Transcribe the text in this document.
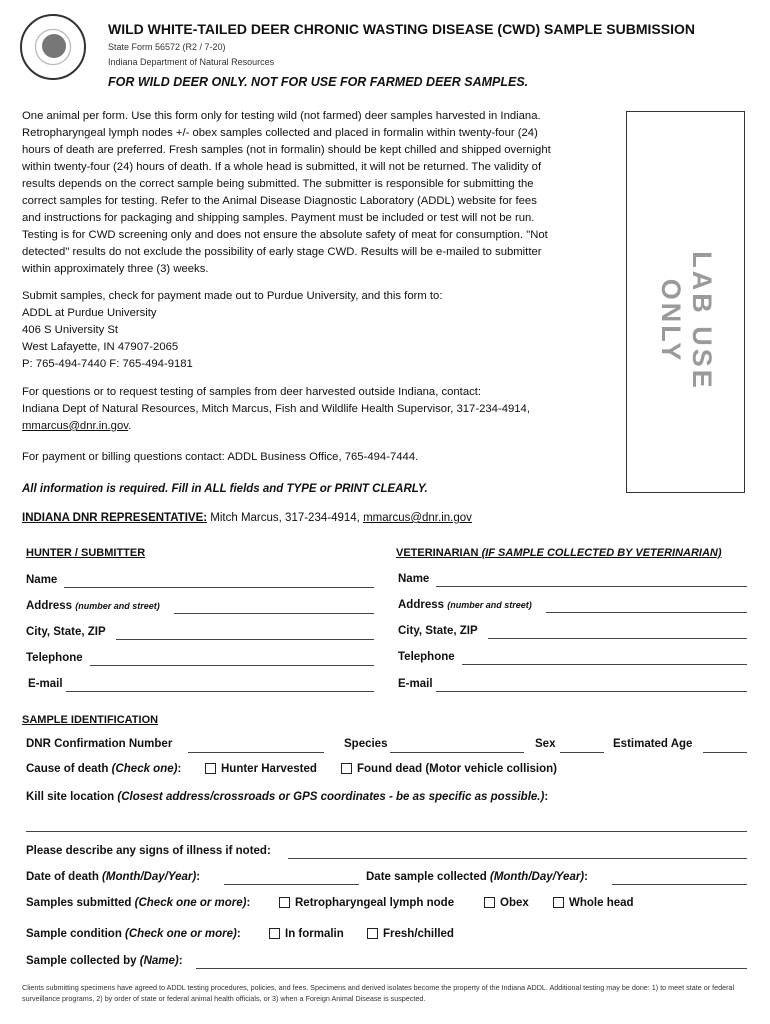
WILD WHITE-TAILED DEER CHRONIC WASTING DISEASE (CWD) SAMPLE SUBMISSION
State Form 56572 (R2 / 7-20)
Indiana Department of Natural Resources
FOR WILD DEER ONLY. NOT FOR USE FOR FARMED DEER SAMPLES.
LAB USE ONLY
One animal per form. Use this form only for testing wild (not farmed) deer samples harvested in Indiana.
Retropharyngeal lymph nodes +/- obex samples collected and placed in formalin within twenty-four (24)
hours of death are preferred. Fresh samples (not in formalin) should be kept chilled and shipped overnight
within twenty-four (24) hours of death. If a whole head is submitted, it will not be returned. The validity of
results depends on the correct sample being submitted. The submitter is responsible for submitting the
correct samples for testing. Refer to the Animal Disease Diagnostic Laboratory (ADDL) website for fees
and instructions for packaging and shipping samples. Payment must be included or test will not be run.
Testing is for CWD screening only and does not ensure the absolute safety of meat for consumption. "Not
detected" results do not exclude the possibility of early stage CWD. Results will be e-mailed to submitter
within approximately three (3) weeks.
Submit samples, check for payment made out to Purdue University, and this form to:
ADDL at Purdue University
406 S University St
West Lafayette, IN 47907-2065
P: 765-494-7440 F: 765-494-9181
For questions or to request testing of samples from deer harvested outside Indiana, contact:
Indiana Dept of Natural Resources, Mitch Marcus, Fish and Wildlife Health Supervisor, 317-234-4914,
mmarcus@dnr.in.gov.
For payment or billing questions contact: ADDL Business Office, 765-494-7444.
All information is required. Fill in ALL fields and TYPE or PRINT CLEARLY.
INDIANA DNR REPRESENTATIVE: Mitch Marcus, 317-234-4914, mmarcus@dnr.in.gov
HUNTER / SUBMITTER
Name
Address (number and street)
City, State, ZIP
Telephone
E-mail
VETERINARIAN (IF SAMPLE COLLECTED BY VETERINARIAN)
Name
Address (number and street)
City, State, ZIP
Telephone
E-mail
SAMPLE IDENTIFICATION
DNR Confirmation Number	Species	Sex	Estimated Age
Cause of death (Check one):	Hunter Harvested	Found dead (Motor vehicle collision)
Kill site location (Closest address/crossroads or GPS coordinates - be as specific as possible.):
Please describe any signs of illness if noted:
Date of death (Month/Day/Year):	Date sample collected (Month/Day/Year):
Samples submitted (Check one or more):	Retropharyngeal lymph node	Obex	Whole head
Sample condition (Check one or more):	In formalin	Fresh/chilled
Sample collected by (Name):
Clients submitting specimens have agreed to ADDL testing procedures, policies, and fees. Specimens and derived isolates become the property of the Indiana ADDL. Additional testing may be done: 1) to meet state or federal surveillance programs, 2) by order of state or federal animal health officials, or 3) when a Foreign Animal Disease is suspected.
